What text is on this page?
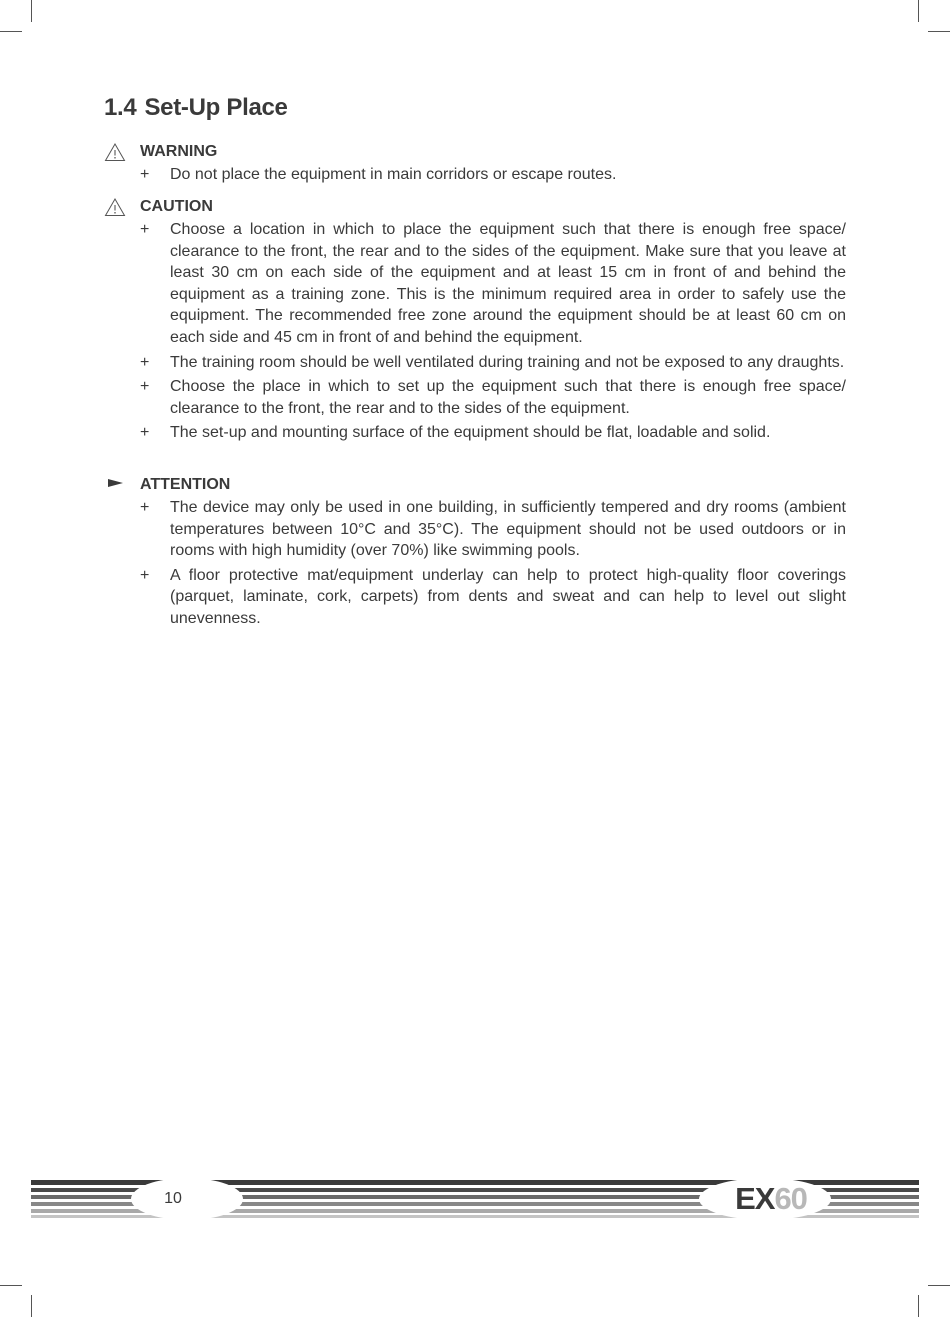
1.4 Set-Up Place
WARNING
+ Do not place the equipment in main corridors or escape routes.
CAUTION
+ Choose a location in which to place the equipment such that there is enough free space/ clearance to the front, the rear and to the sides of the equipment. Make sure that you leave at least 30 cm on each side of the equipment and at least 15 cm in front of and behind the equipment as a training zone. This is the minimum required area in order to safely use the equipment. The recommended free zone around the equipment should be at least 60 cm on each side and 45 cm in front of and behind the equipment.
+ The training room should be well ventilated during training and not be exposed to any draughts.
+ Choose the place in which to set up the equipment such that there is enough free space/ clearance to the front, the rear and to the sides of the equipment.
+ The set-up and mounting surface of the equipment should be flat, loadable and solid.
ATTENTION
+ The device may only be used in one building, in sufficiently tempered and dry rooms (ambient temperatures between 10°C and 35°C). The equipment should not be used outdoors or in rooms with high humidity (over 70%) like swimming pools.
+ A floor protective mat/equipment underlay can help to protect high-quality floor coverings (parquet, laminate, cork, carpets) from dents and sweat and can help to level out slight unevenness.
10	EX60
